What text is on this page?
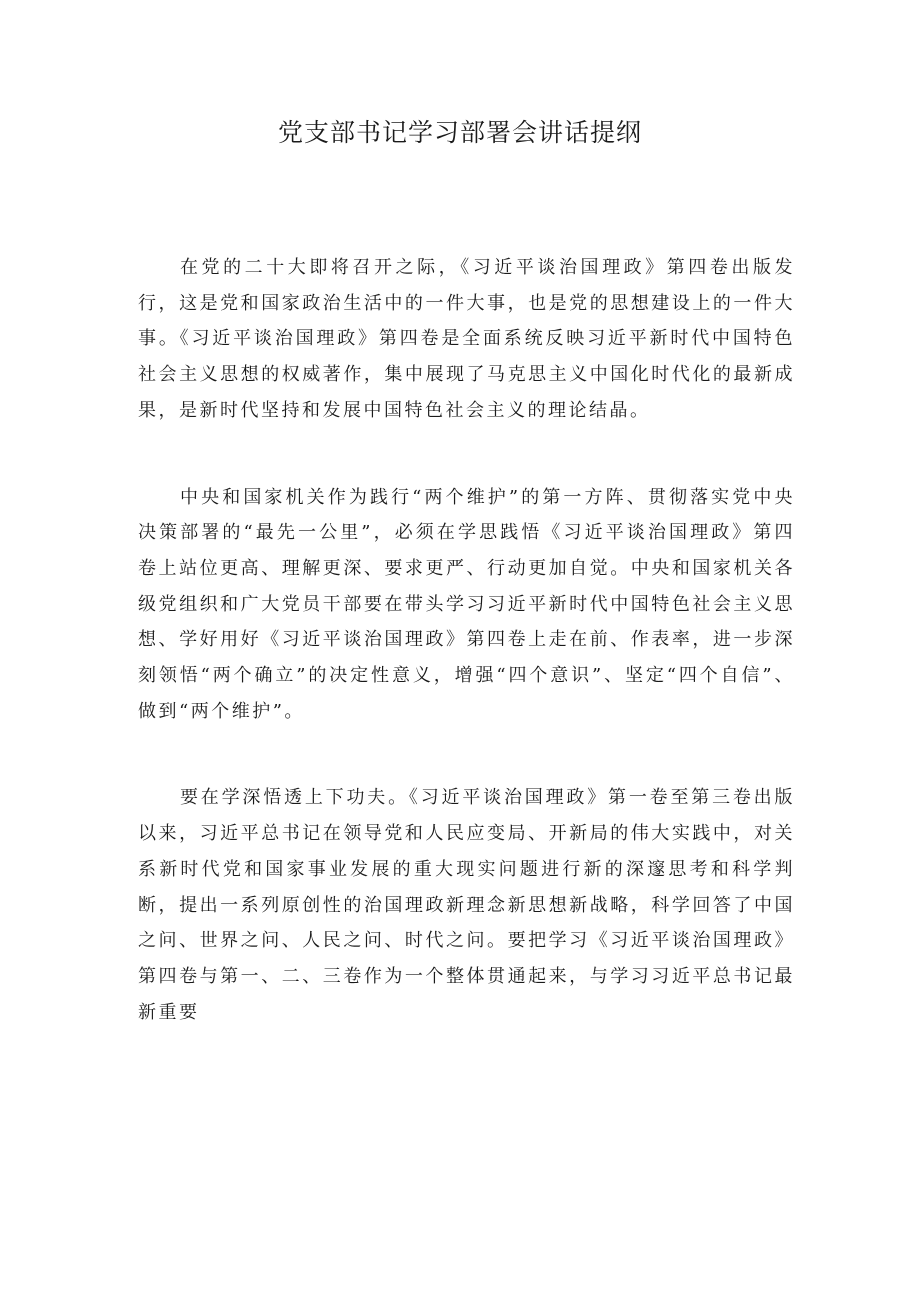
党支部书记学习部署会讲话提纲

在党的二十大即将召开之际，《习近平谈治国理政》第四卷出版发行，这是党和国家政治生活中的一件大事，也是党的思想建设上的一件大事。《习近平谈治国理政》第四卷是全面系统反映习近平新时代中国特色社会主义思想的权威著作，集中展现了马克思主义中国化时代化的最新成果，是新时代坚持和发展中国特色社会主义的理论结晶。

中央和国家机关作为践行“两个维护”的第一方阵、贯彻落实党中央决策部署的“最先一公里”，必须在学思践悟《习近平谈治国理政》第四卷上站位更高、理解更深、要求更严、行动更加自觉。中央和国家机关各级党组织和广大党员干部要在带头学习习近平新时代中国特色社会主义思想、学好用好《习近平谈治国理政》第四卷上走在前、作表率，进一步深刻领悟“两个确立”的决定性意义，增强“四个意识”、坚定“四个自信”、做到“两个维护”。

要在学深悟透上下功夫。《习近平谈治国理政》第一卷至第三卷出版以来，习近平总书记在领导党和人民应变局、开新局的伟大实践中，对关系新时代党和国家事业发展的重大现实问题进行新的深邃思考和科学判断，提出一系列原创性的治国理政新理念新思想新战略，科学回答了中国之问、世界之问、人民之问、时代之问。要把学习《习近平谈治国理政》第四卷与第一、二、三卷作为一个整体贯通起来，与学习习近平总书记最新重要
